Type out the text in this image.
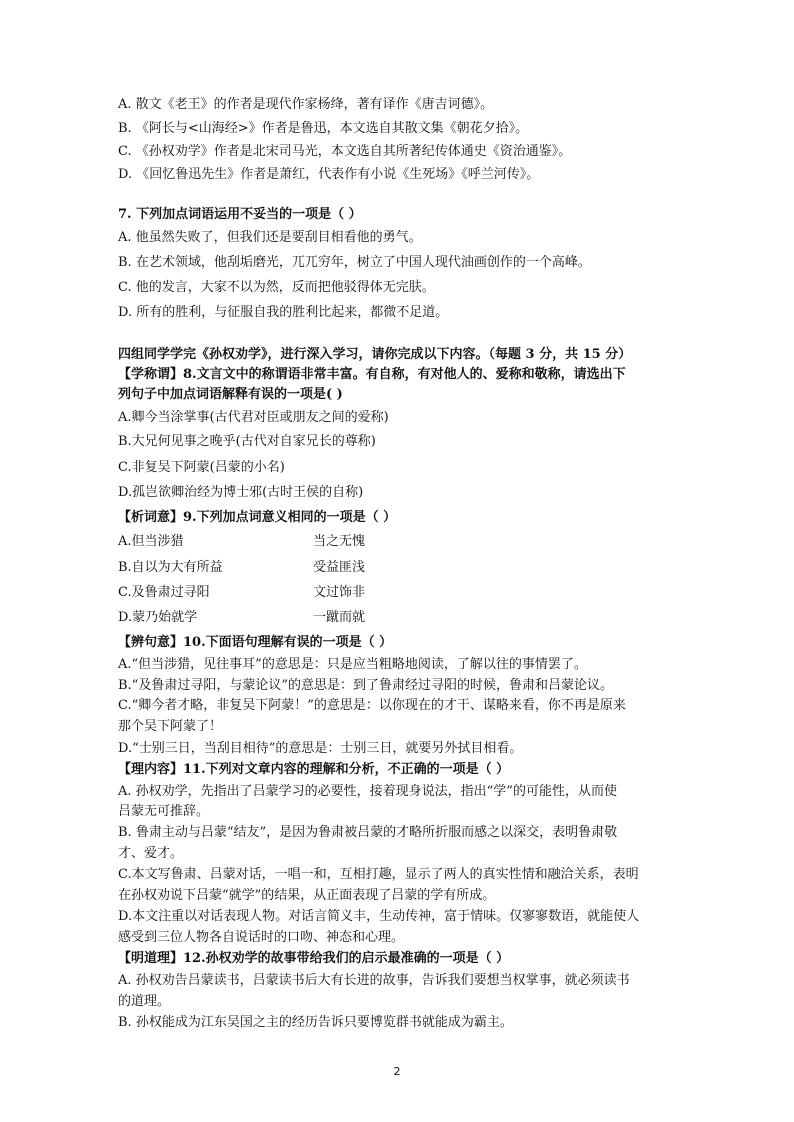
A. 散文《老王》的作者是现代作家杨绛，著有译作《唐吉诃德》。
B. 《阿长与<山海经>》作者是鲁迅，本文选自其散文集《朝花夕拾》。
C. 《孙权劝学》作者是北宋司马光，本文选自其所著纪传体通史《资治通鉴》。
D. 《回忆鲁迅先生》作者是萧红，代表作有小说《生死场》《呼兰河传》。
7. 下列加点词语运用不妥当的一项是（ ）
A. 他虽然失败了，但我们还是要刮目相看他的勇气。
B. 在艺术领域，他刮垢磨光，兀兀穷年，树立了中国人现代油画创作的一个高峰。
C. 他的发言，大家不以为然，反而把他驳得体无完肤。
D. 所有的胜利，与征服自我的胜利比起来，都微不足道。
四组同学学完《孙权劝学》，进行深入学习，请你完成以下内容。（每题 3 分，共 15 分）
【学称谓】8.文言文中的称谓语非常丰富。有自称，有对他人的、爱称和敬称，请选出下
列句子中加点词语解释有误的一项是( )
A.卿今当涂掌事(古代君对臣或朋友之间的爱称)
B.大兄何见事之晚乎(古代对自家兄长的尊称)
C.非复吴下阿蒙(吕蒙的小名)
D.孤岂欲卿治经为博士邪(古时王侯的自称)
【析词意】9.下列加点词意义相同的一项是（ ）
A.但当涉猎	当之无愧
B.自以为大有所益	受益匪浅
C.及鲁肃过寻阳	文过饰非
D.蒙乃始就学	一蹴而就
【辨句意】10.下面语句理解有误的一项是（ ）
A.“但当涉猎，见往事耳”的意思是：只是应当粗略地阅读，了解以往的事情罢了。
B.“及鲁肃过寻阳，与蒙论议”的意思是：到了鲁肃经过寻阳的时候，鲁肃和吕蒙论议。
C.“卿今者才略，非复吴下阿蒙！”的意思是：以你现在的才干、谋略来看，你不再是原来
那个吴下阿蒙了！
D.“士别三日，当刮目相待”的意思是：士别三日，就要另外拭目相看。
【理内容】11.下列对文章内容的理解和分析，不正确的一项是（ ）
A. 孙权劝学，先指出了吕蒙学习的必要性，接着现身说法，指出“学”的可能性，从而使
吕蒙无可推辞。
B. 鲁肃主动与吕蒙“结友”，是因为鲁肃被吕蒙的才略所折服而感之以深交，表明鲁肃敬
才、爱才。
C.本文写鲁肃、吕蒙对话，一唱一和，互相打趣，显示了两人的真实性情和融洽关系，表明
在孙权劝说下吕蒙“就学”的结果，从正面表现了吕蒙的学有所成。
D.本文注重以对话表现人物。对话言简义丰，生动传神，富于情味。仅寥寥数语，就能使人
感受到三位人物各自说话时的口吻、神态和心理。
【明道理】12.孙权劝学的故事带给我们的启示最准确的一项是（ ）
A. 孙权劝告吕蒙读书，吕蒙读书后大有长进的故事，告诉我们要想当权掌事，就必须读书
的道理。
B. 孙权能成为江东吴国之主的经历告诉只要博览群书就能成为霸主。
2
